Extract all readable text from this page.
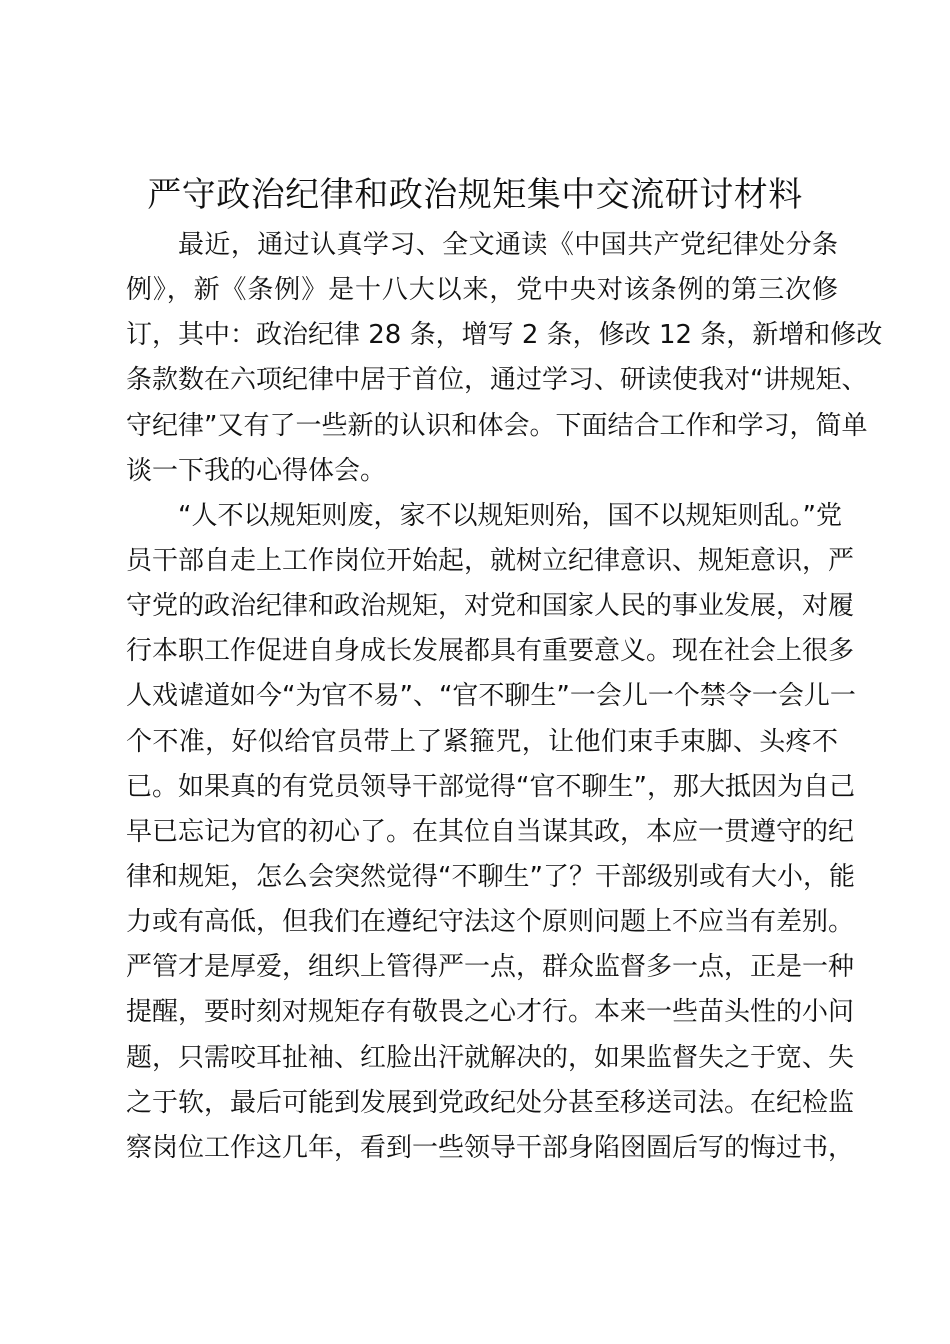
严守政治纪律和政治规矩集中交流研讨材料
最近，通过认真学习、全文通读《中国共产党纪律处分条
例》，新《条例》是十八大以来，党中央对该条例的第三次修
订，其中：政治纪律 28 条，增写 2 条，修改 12 条，新增和修改
条款数在六项纪律中居于首位，通过学习、研读使我对“讲规矩、
守纪律”又有了一些新的认识和体会。下面结合工作和学习，简单
谈一下我的心得体会。
“人不以规矩则废，家不以规矩则殆，国不以规矩则乱。”党
员干部自走上工作岗位开始起，就树立纪律意识、规矩意识，严
守党的政治纪律和政治规矩，对党和国家人民的事业发展，对履
行本职工作促进自身成长发展都具有重要意义。现在社会上很多
人戏谑道如今“为官不易”、“官不聊生”一会儿一个禁令一会儿一
个不准，好似给官员带上了紧箍咒，让他们束手束脚、头疼不
已。如果真的有党员领导干部觉得“官不聊生”，那大抵因为自己
早已忘记为官的初心了。在其位自当谋其政，本应一贯遵守的纪
律和规矩，怎么会突然觉得“不聊生”了？干部级别或有大小，能
力或有高低，但我们在遵纪守法这个原则问题上不应当有差别。
严管才是厚爱，组织上管得严一点，群众监督多一点，正是一种
提醒，要时刻对规矩存有敬畏之心才行。本来一些苗头性的小问
题，只需咬耳扯袖、红脸出汗就解决的，如果监督失之于宽、失
之于软，最后可能到发展到党政纪处分甚至移送司法。在纪检监
察岗位工作这几年，看到一些领导干部身陷囹圄后写的悔过书，
